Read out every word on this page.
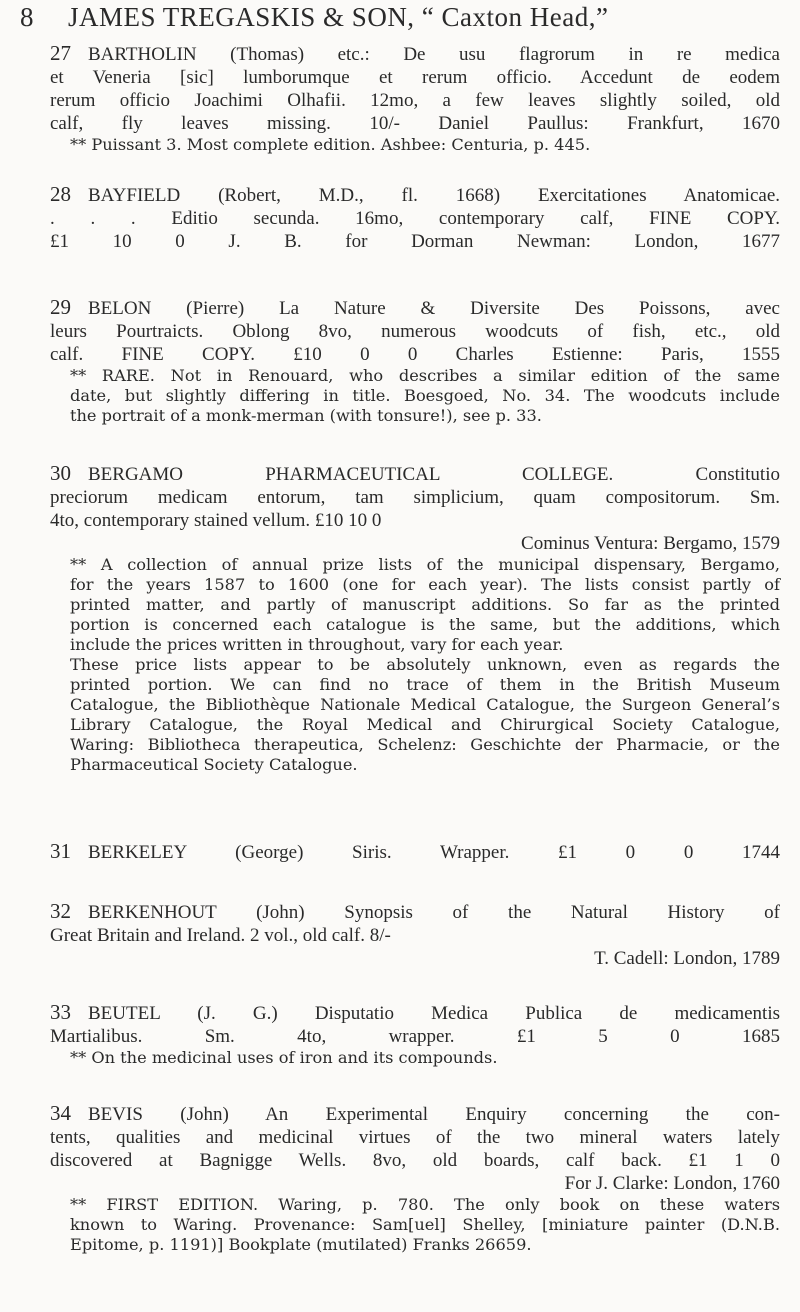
8 JAMES TREGASKIS & SON, “ Caxton Head,”
27 BARTHOLIN (Thomas) etc.: De usu flagrorum in re medica
et Veneria [sic] lumborumque et rerum officio. Accedunt de eodem
rerum officio Joachimi Olhafii. 12mo, a few leaves slightly soiled, old
calf, fly leaves missing. 10/- Daniel Paullus: Frankfurt, 1670
** Puissant 3. Most complete edition. Ashbee: Centuria, p. 445.
28 BAYFIELD (Robert, M.D., fl. 1668) Exercitationes Anatomicae.
. . . Editio secunda. 16mo, contemporary calf, FINE COPY.
£1 10 0 J. B. for Dorman Newman: London, 1677
29 BELON (Pierre) La Nature & Diversite Des Poissons, avec
leurs Pourtraicts. Oblong 8vo, numerous woodcuts of fish, etc., old
calf. FINE COPY. £10 0 0 Charles Estienne: Paris, 1555
** RARE. Not in Renouard, who describes a similar edition of the same
date, but slightly differing in title. Boesgoed, No. 34. The woodcuts include
the portrait of a monk-merman (with tonsure!), see p. 33.
30 BERGAMO PHARMACEUTICAL COLLEGE. Constitutio
preciorum medicam entorum, tam simplicium, quam compositorum. Sm.
4to, contemporary stained vellum. £10 10 0
Cominus Ventura: Bergamo, 1579
** A collection of annual prize lists of the municipal dispensary, Bergamo,
for the years 1587 to 1600 (one for each year). The lists consist partly of
printed matter, and partly of manuscript additions. So far as the printed
portion is concerned each catalogue is the same, but the additions, which
include the prices written in throughout, vary for each year.
These price lists appear to be absolutely unknown, even as regards the
printed portion. We can find no trace of them in the British Museum
Catalogue, the Bibliothèque Nationale Medical Catalogue, the Surgeon General’s
Library Catalogue, the Royal Medical and Chirurgical Society Catalogue,
Waring: Bibliotheca therapeutica, Schelenz: Geschichte der Pharmacie, or the
Pharmaceutical Society Catalogue.
31 BERKELEY (George) Siris. Wrapper. £1 0 0 1744
32 BERKENHOUT (John) Synopsis of the Natural History of
Great Britain and Ireland. 2 vol., old calf. 8/-
T. Cadell: London, 1789
33 BEUTEL (J. G.) Disputatio Medica Publica de medicamentis
Martialibus. Sm. 4to, wrapper. £1 5 0 1685
** On the medicinal uses of iron and its compounds.
34 BEVIS (John) An Experimental Enquiry concerning the con-
tents, qualities and medicinal virtues of the two mineral waters lately
discovered at Bagnigge Wells. 8vo, old boards, calf back. £1 1 0
For J. Clarke: London, 1760
** FIRST EDITION. Waring, p. 780. The only book on these waters
known to Waring. Provenance: Sam[uel] Shelley, [miniature painter (D.N.B.
Epitome, p. 1191)] Bookplate (mutilated) Franks 26659.
